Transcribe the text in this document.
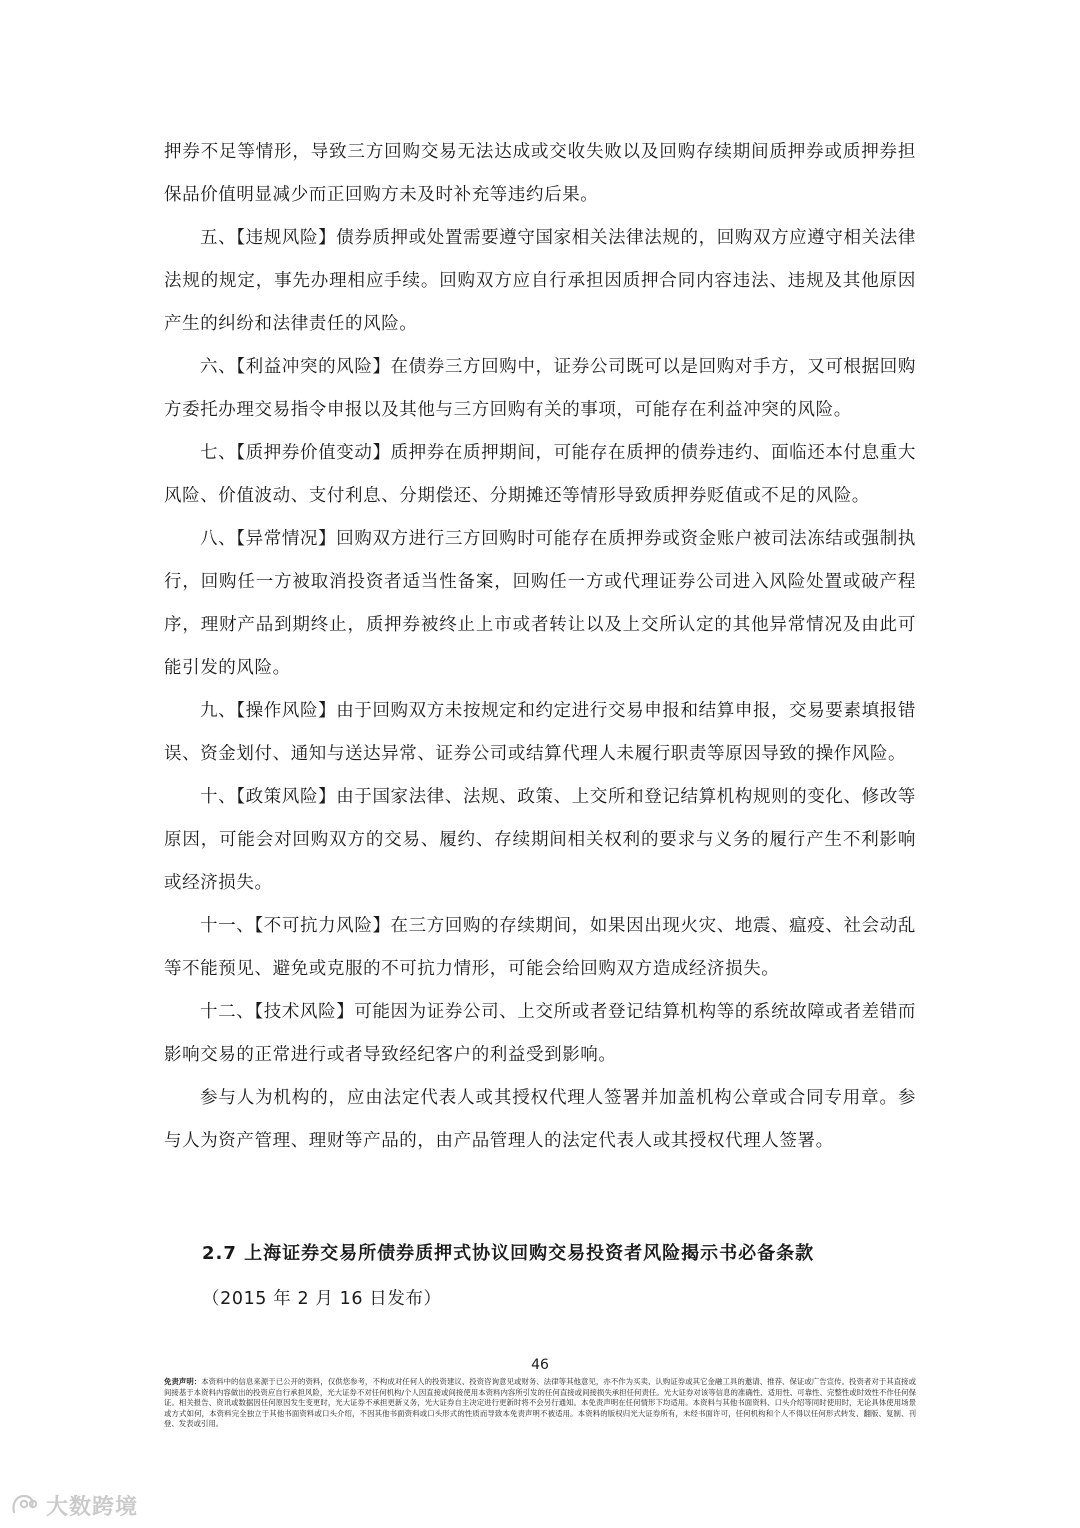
押券不足等情形，导致三方回购交易无法达成或交收失败以及回购存续期间质押券或质押券担保品价值明显减少而正回购方未及时补充等违约后果。

五、【违规风险】债券质押或处置需要遵守国家相关法律法规的，回购双方应遵守相关法律法规的规定，事先办理相应手续。回购双方应自行承担因质押合同内容违法、违规及其他原因产生的纠纷和法律责任的风险。

六、【利益冲突的风险】在债券三方回购中，证券公司既可以是回购对手方，又可根据回购方委托办理交易指令申报以及其他与三方回购有关的事项，可能存在利益冲突的风险。

七、【质押券价值变动】质押券在质押期间，可能存在质押的债券违约、面临还本付息重大风险、价值波动、支付利息、分期偿还、分期摊还等情形导致质押券贬值或不足的风险。

八、【异常情况】回购双方进行三方回购时可能存在质押券或资金账户被司法冻结或强制执行，回购任一方被取消投资者适当性备案，回购任一方或代理证券公司进入风险处置或破产程序，理财产品到期终止，质押券被终止上市或者转让以及上交所认定的其他异常情况及由此可能引发的风险。

九、【操作风险】由于回购双方未按规定和约定进行交易申报和结算申报，交易要素填报错误、资金划付、通知与送达异常、证券公司或结算代理人未履行职责等原因导致的操作风险。

十、【政策风险】由于国家法律、法规、政策、上交所和登记结算机构规则的变化、修改等原因，可能会对回购双方的交易、履约、存续期间相关权利的要求与义务的履行产生不利影响或经济损失。

十一、【不可抗力风险】在三方回购的存续期间，如果因出现火灾、地震、瘟疫、社会动乱等不能预见、避免或克服的不可抗力情形，可能会给回购双方造成经济损失。

十二、【技术风险】可能因为证券公司、上交所或者登记结算机构等的系统故障或者差错而影响交易的正常进行或者导致经纪客户的利益受到影响。

参与人为机构的，应由法定代表人或其授权代理人签署并加盖机构公章或合同专用章。参与人为资产管理、理财等产品的，由产品管理人的法定代表人或其授权代理人签署。

2.7 上海证券交易所债券质押式协议回购交易投资者风险揭示书必备条款

（2015 年 2 月 16 日发布）

46

免责声明：本资料中的信息来源于已公开的资料，仅供您参考，不构成对任何人的投资建议、投资咨询意见或财务、法律等其他意见，亦不作为买卖、认购证券或其它金融工具的邀请、推荐、保证或广告宣传。投资者对于其直接或间接基于本资料内容做出的投资应自行承担风险，光大证券不对任何机构/个人因直接或间接使用本资料内容所引发的任何直接或间接损失承担任何责任。光大证券对该等信息的准确性、适用性、可靠性、完整性或时效性不作任何保证。相关报告、资讯或数据因任何原因发生变更时，光大证券不承担更新义务，光大证券自主决定进行更新时将不会另行通知。本免责声明在任何情形下均适用。本资料与其他书面资料、口头介绍等同时使用时，无论具体使用场景或方式如何，本资料完全独立于其他书面资料或口头介绍，不因其他书面资料或口头形式的性质而导致本免责声明不被适用。本资料的版权归光大证券所有，未经书面许可，任何机构和个人不得以任何形式转发、翻版、复制、刊登、发表或引用。

大数跨境
